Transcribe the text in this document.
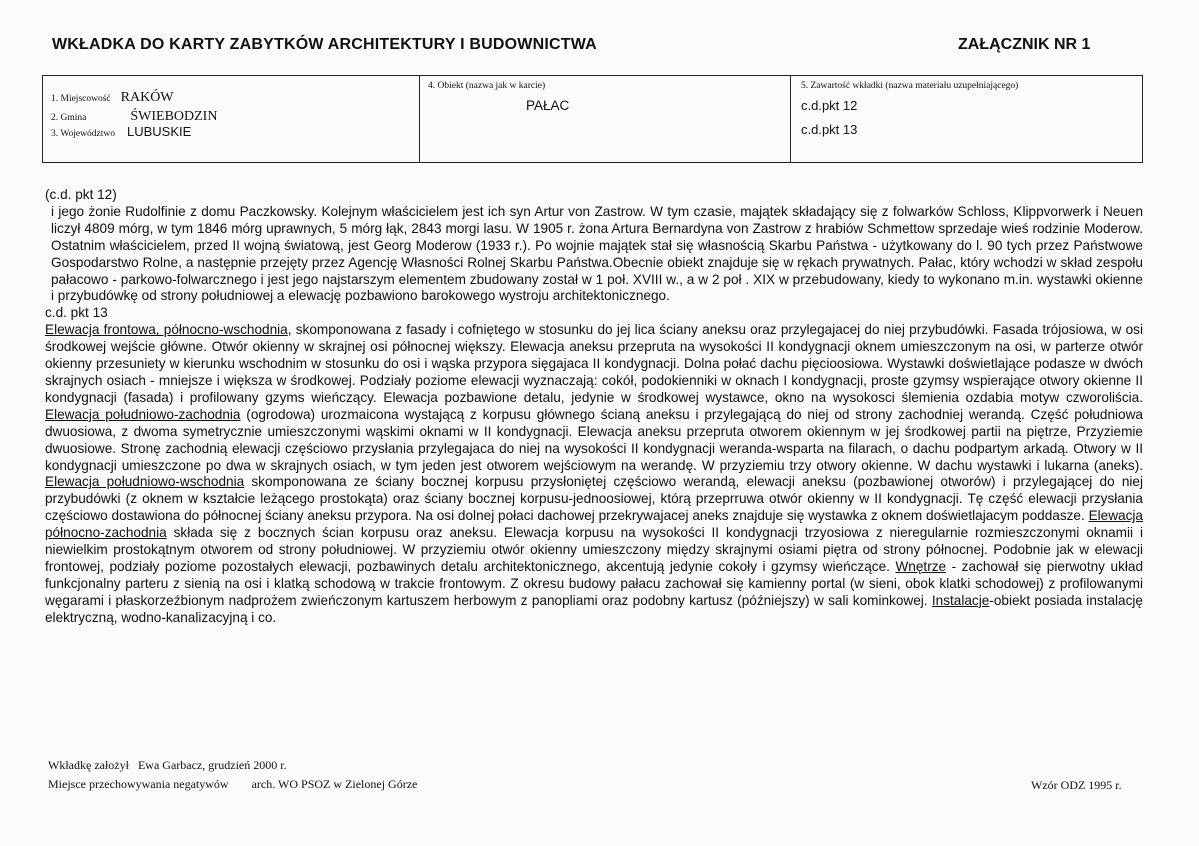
WKŁADKA DO KARTY ZABYTKÓW ARCHITEKTURY I BUDOWNICTWA	ZAŁĄCZNIK NR 1
1. Miejscowość RAKÓW
2. Gmina	ŚWIEBODZIN
3. Województwo LUBUSKIE
4. Obiekt (nazwa jak w karcie)
PAŁAC
5. Zawartość wkładki (nazwa materiału uzupełniającego)
c.d.pkt 12
c.d.pkt 13

(c.d. pkt 12)

i jego żonie Rudolfinie z domu Paczkowsky. Kolejnym właścicielem jest ich syn Artur von Zastrow. W tym czasie, majątek składający się z folwarków Schloss, Klippvorwerk i Neuen liczył 4809 mórg, w tym 1846 mórg uprawnych, 5 mórg łąk, 2843 morgi lasu. W 1905 r. żona Artura Bernardyna von Zastrow z hrabiów Schmettow sprzedaje wieś rodzinie Moderow. Ostatnim właścicielem, przed II wojną światową, jest Georg Moderow (1933 r.). Po wojnie majątek stał się własnością Skarbu Państwa - użytkowany do l. 90 tych przez Państwowe Gospodarstwo Rolne, a następnie przejęty przez Agencję Własności Rolnej Skarbu Państwa.Obecnie obiekt znajduje się w rękach prywatnych. Pałac, który wchodzi w skład zespołu pałacowo - parkowo-folwarcznego i jest jego najstarszym elementem zbudowany został w 1 poł. XVIII w., a w 2 poł . XIX w przebudowany, kiedy to wykonano m.in. wystawki okienne i przybudówkę od strony południowej a elewację pozbawiono barokowego wystroju architektonicznego.

c.d. pkt 13

Elewacja frontowa, północno-wschodnia, skomponowana z fasady i cofniętego w stosunku do jej lica ściany aneksu oraz przylegajacej do niej przybudówki. Fasada trójosiowa, w osi środkowej wejście główne. Otwór okienny w skrajnej osi północnej większy. Elewacja aneksu przepruta na wysokości II kondygnacji oknem umieszczonym na osi, w parterze otwór okienny przesuniety w kierunku wschodnim w stosunku do osi i wąska przypora sięgajaca II kondygnacji. Dolna połać dachu pięcioosiowa. Wystawki doświetlające podasze w dwóch skrajnych osiach - mniejsze i większa w środkowej. Podziały poziome elewacji wyznaczają: cokół, podokienniki w oknach I kondygnacji, proste gzymsy wspierające otwory okienne II kondygnacji (fasada) i profilowany gzyms wieńczący. Elewacja pozbawione detalu, jedynie w środkowej wystawce, okno na wysokosci ślemienia ozdabia motyw czworoliścia. Elewacja południowo-zachodnia (ogrodowa) urozmaicona wystającą z korpusu głównego ścianą aneksu i przylegającą do niej od strony zachodniej werandą. Część południowa dwuosiowa, z dwoma symetrycznie umieszczonymi wąskimi oknami w II kondygnacji. Elewacja aneksu przepruta otworem okiennym w jej środkowej partii na piętrze, Przyziemie dwuosiowe. Stronę zachodnią elewacji częściowo przysłania przylegajaca do niej na wysokości II kondygnacji weranda-wsparta na filarach, o dachu podpartym arkadą. Otwory w II kondygnacji umieszczone po dwa w skrajnych osiach, w tym jeden jest otworem wejściowym na werandę. W przyziemiu trzy otwory okienne. W dachu wystawki i lukarna (aneks). Elewacja południowo-wschodnia skomponowana ze ściany bocznej korpusu przysłoniętej częściowo werandą, elewacji aneksu (pozbawionej otworów) i przylegającej do niej przybudówki (z oknem w kształcie leżącego prostokąta) oraz ściany bocznej korpusu-jednoosiowej, którą przeprruwa otwór okienny w II kondygnacji. Tę część elewacji przysłania częściowo dostawiona do północnej ściany aneksu przypora. Na osi dolnej połaci dachowej przekrywajacej aneks znajduje się wystawka z oknem doświetlajacym poddasze. Elewacja północno-zachodnia składa się z bocznych ścian korpusu oraz aneksu. Elewacja korpusu na wysokości II kondygnacji trzyosiowa z nieregularnie rozmieszczonymi oknamii i niewielkim prostokątnym otworem od strony południowej. W przyziemiu otwór okienny umieszczony między skrajnymi osiami piętra od strony północnej. Podobnie jak w elewacji frontowej, podziały poziome pozostałych elewacji, pozbawinych detalu architektonicznego, akcentują jedynie cokoły i gzymsy wieńczące. Wnętrze - zachował się pierwotny układ funkcjonalny parteru z sienią na osi i klatką schodową w trakcie frontowym. Z okresu budowy pałacu zachował się kamienny portal (w sieni, obok klatki schodowej) z profilowanymi węgarami i płaskorzeźbionym nadprożem zwieńczonym kartuszem herbowym z panopliami oraz podobny kartusz (późniejszy) w sali kominkowej. Instalacje-obiekt posiada instalację elektryczną, wodno-kanalizacyjną i co.

Wkładkę założył Ewa Garbacz, grudzień 2000 r.
Miejsce przechowywania negatywów arch. WO PSOZ w Zielonej Górze	Wzór ODZ 1995 r.
